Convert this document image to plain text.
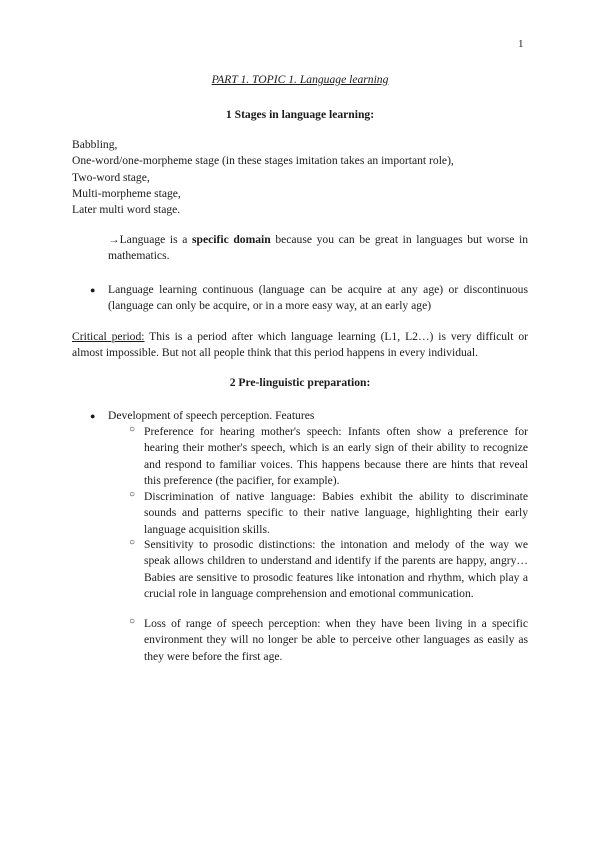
1
PART 1. TOPIC 1. Language learning
1 Stages in language learning:
Babbling,
One-word/one-morpheme stage (in these stages imitation takes an important role),
Two-word stage,
Multi-morpheme stage,
Later multi word stage.
→Language is a specific domain because you can be great in languages but worse in mathematics.
● Language learning continuous (language can be acquire at any age) or discontinuous (language can only be acquire, or in a more easy way, at an early age)
Critical period: This is a period after which language learning (L1, L2…) is very difficult or almost impossible. But not all people think that this period happens in every individual.
2 Pre-linguistic preparation:
● Development of speech perception. Features
○ Preference for hearing mother's speech: Infants often show a preference for hearing their mother's speech, which is an early sign of their ability to recognize and respond to familiar voices. This happens because there are hints that reveal this preference (the pacifier, for example).
○ Discrimination of native language: Babies exhibit the ability to discriminate sounds and patterns specific to their native language, highlighting their early language acquisition skills.
○ Sensitivity to prosodic distinctions: the intonation and melody of the way we speak allows children to understand and identify if the parents are happy, angry… Babies are sensitive to prosodic features like intonation and rhythm, which play a crucial role in language comprehension and emotional communication.
○ Loss of range of speech perception: when they have been living in a specific environment they will no longer be able to perceive other languages as easily as they were before the first age.
